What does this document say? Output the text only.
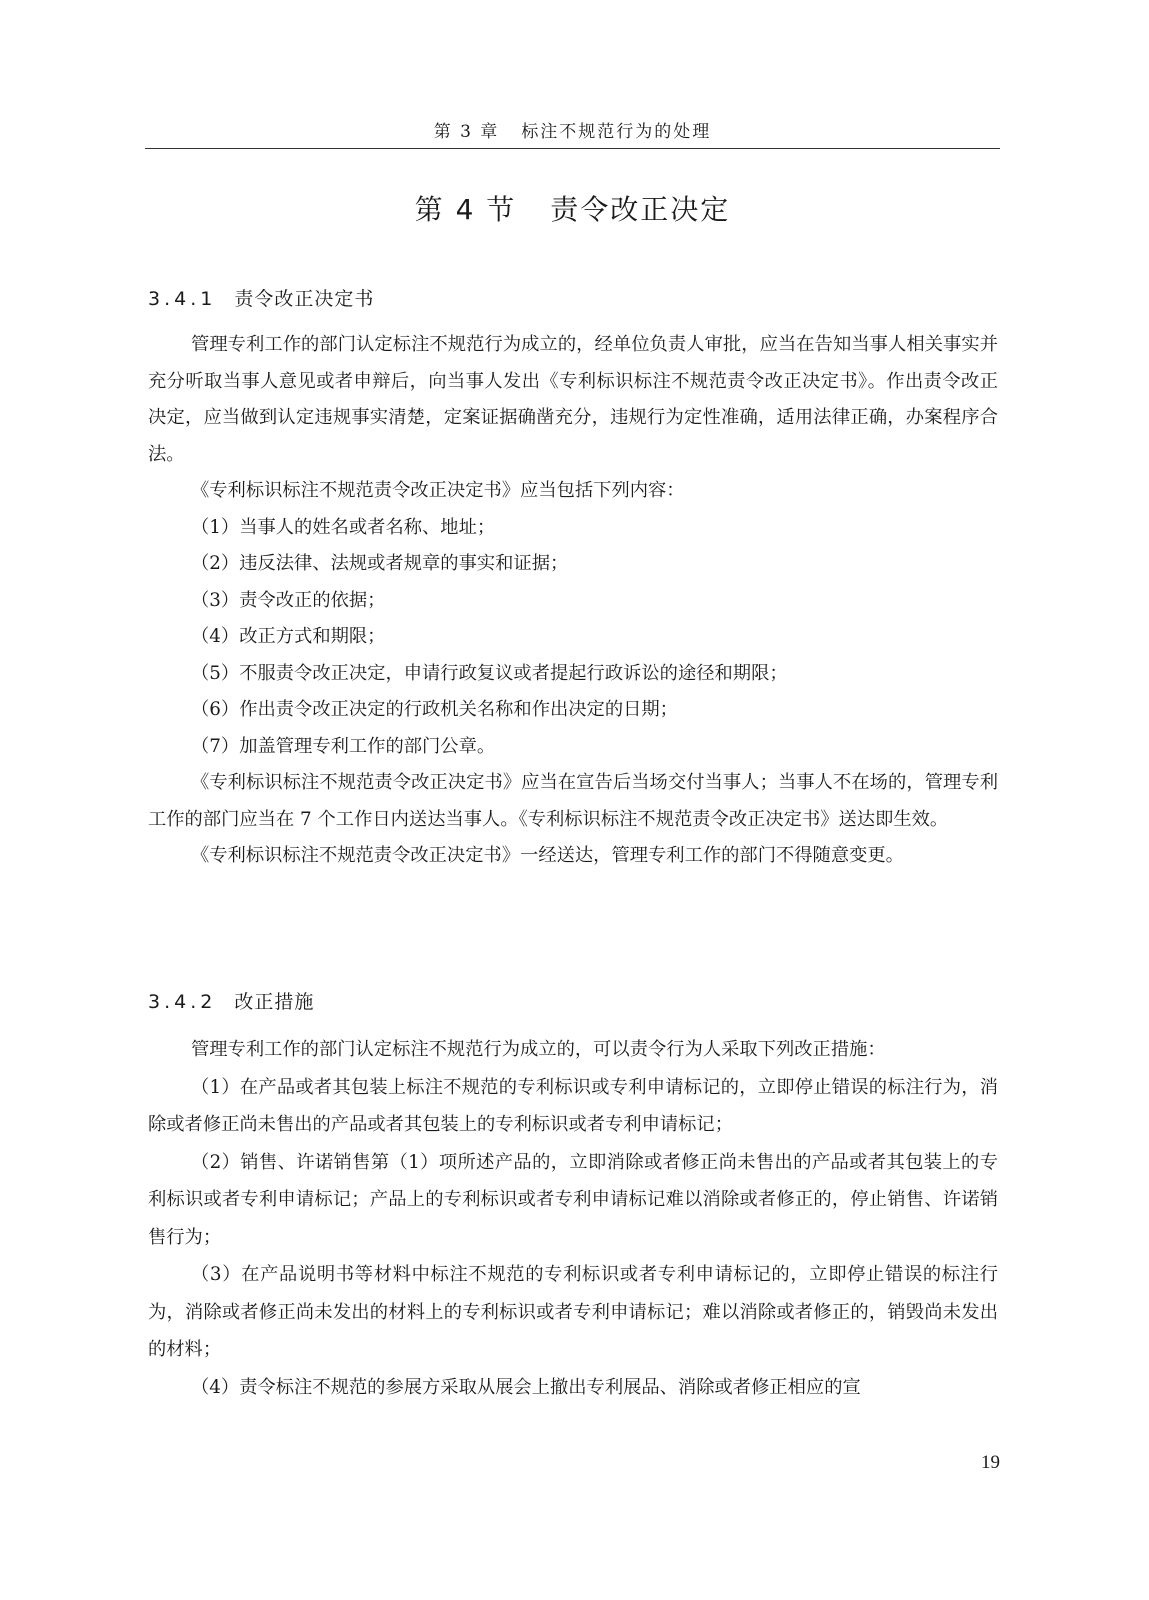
第 3 章 标注不规范行为的处理
第 4 节 责令改正决定
3.4.1 责令改正决定书

管理专利工作的部门认定标注不规范行为成立的，经单位负责人审批，应当在告知当事人相关事实并充分听取当事人意见或者申辩后，向当事人发出《专利标识标注不规范责令改正决定书》。作出责令改正决定，应当做到认定违规事实清楚，定案证据确凿充分，违规行为定性准确，适用法律正确，办案程序合法。

《专利标识标注不规范责令改正决定书》应当包括下列内容：

（1）当事人的姓名或者名称、地址；

（2）违反法律、法规或者规章的事实和证据；

（3）责令改正的依据；

（4）改正方式和期限；

（5）不服责令改正决定，申请行政复议或者提起行政诉讼的途径和期限；

（6）作出责令改正决定的行政机关名称和作出决定的日期；

（7）加盖管理专利工作的部门公章。

《专利标识标注不规范责令改正决定书》应当在宣告后当场交付当事人；当事人不在场的，管理专利工作的部门应当在 7 个工作日内送达当事人。《专利标识标注不规范责令改正决定书》送达即生效。

《专利标识标注不规范责令改正决定书》一经送达，管理专利工作的部门不得随意变更。

3.4.2 改正措施

管理专利工作的部门认定标注不规范行为成立的，可以责令行为人采取下列改正措施：

（1）在产品或者其包装上标注不规范的专利标识或专利申请标记的，立即停止错误的标注行为，消除或者修正尚未售出的产品或者其包装上的专利标识或者专利申请标记；

（2）销售、许诺销售第（1）项所述产品的，立即消除或者修正尚未售出的产品或者其包装上的专利标识或者专利申请标记；产品上的专利标识或者专利申请标记难以消除或者修正的，停止销售、许诺销售行为；

（3）在产品说明书等材料中标注不规范的专利标识或者专利申请标记的，立即停止错误的标注行为，消除或者修正尚未发出的材料上的专利标识或者专利申请标记；难以消除或者修正的，销毁尚未发出的材料；

（4）责令标注不规范的参展方采取从展会上撤出专利展品、消除或者修正相应的宣

19
